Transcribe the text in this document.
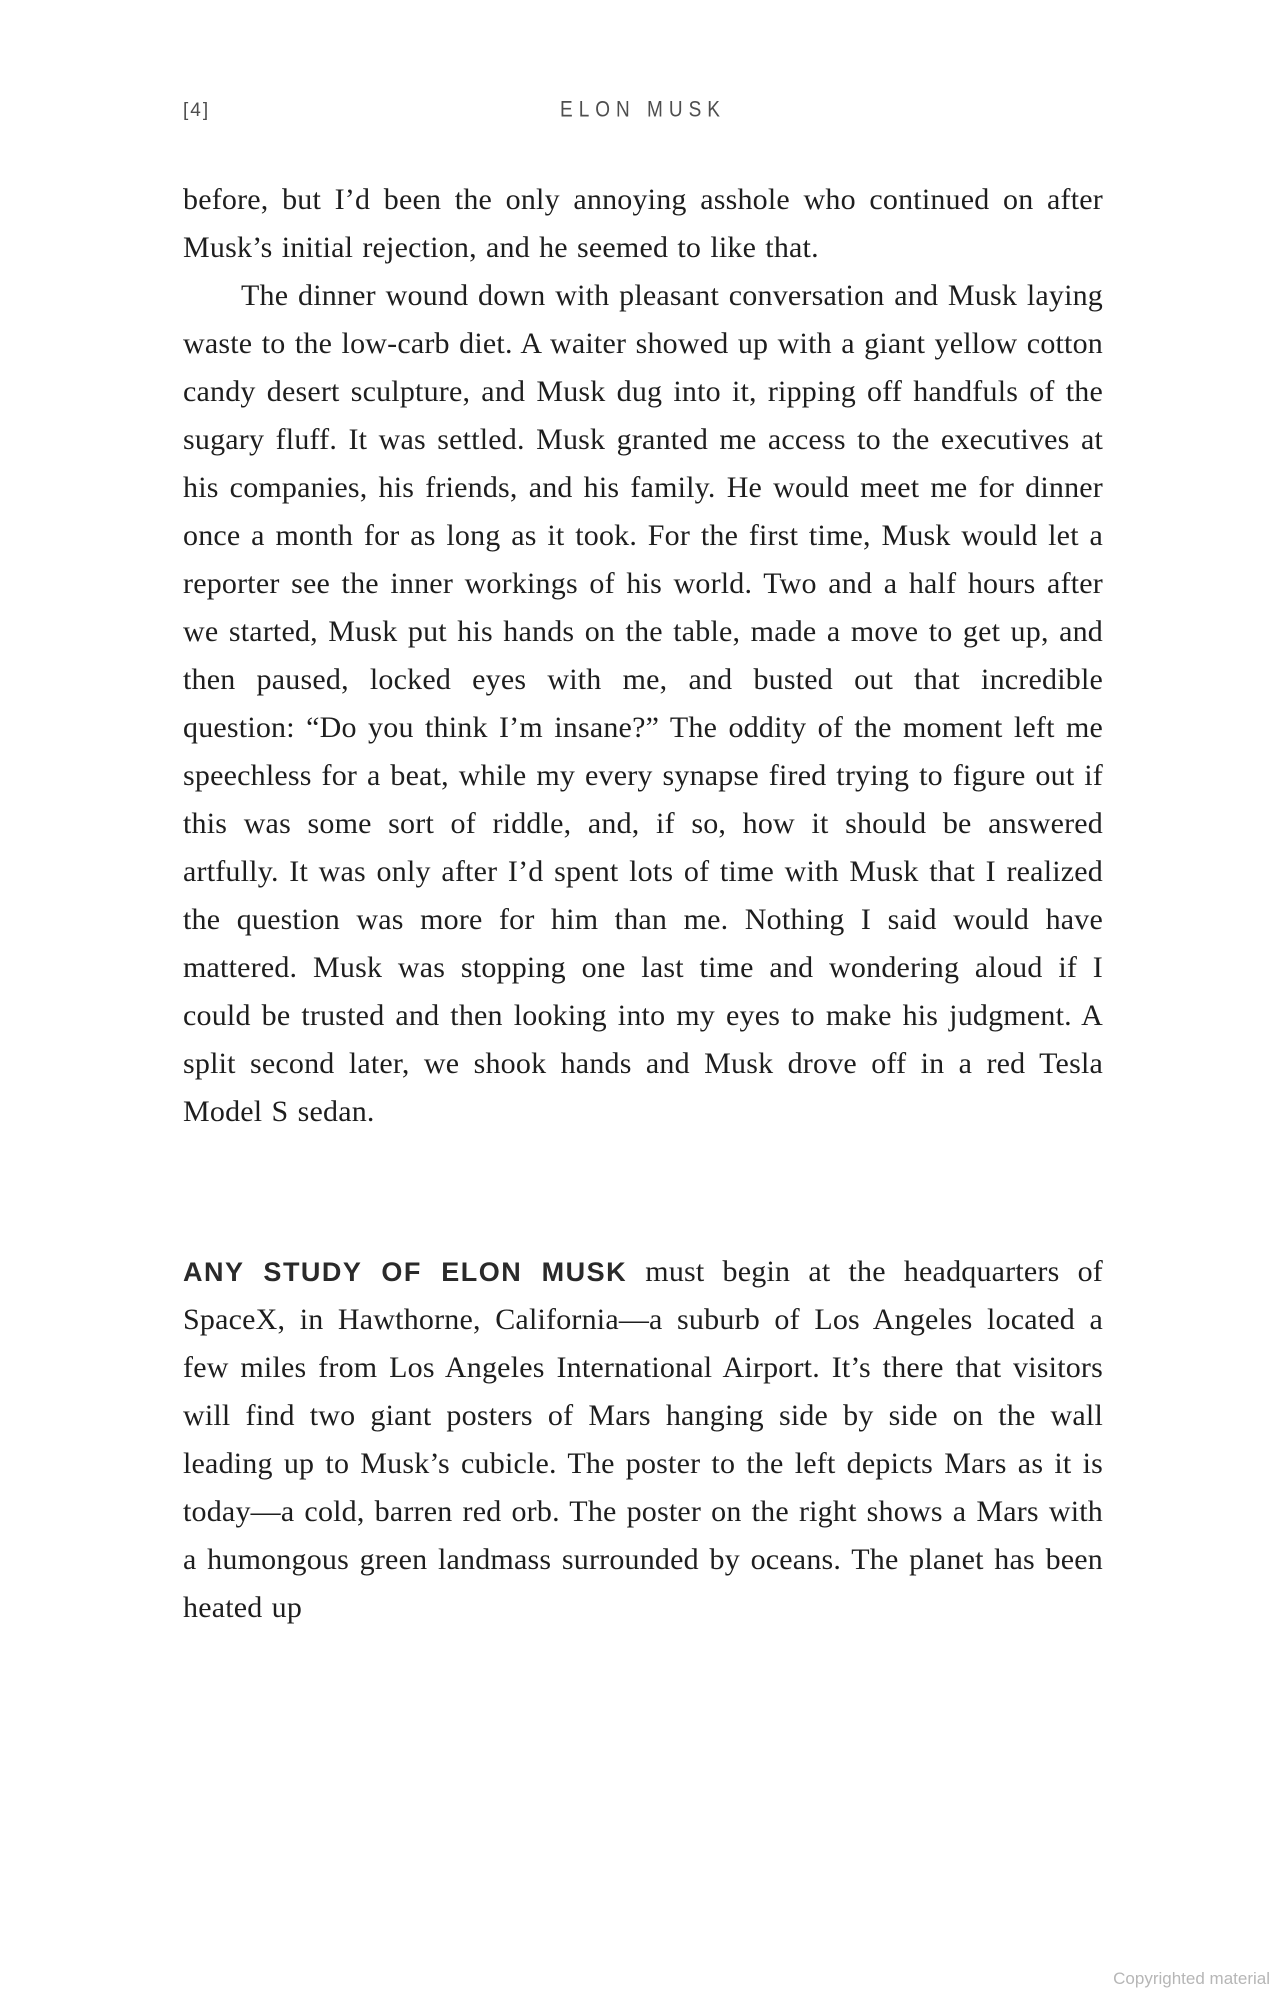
[4]	ELON MUSK

before, but I’d been the only annoying asshole who continued on after Musk’s initial rejection, and he seemed to like that.

The dinner wound down with pleasant conversation and Musk laying waste to the low-carb diet. A waiter showed up with a giant yellow cotton candy desert sculpture, and Musk dug into it, ripping off handfuls of the sugary fluff. It was settled. Musk granted me access to the executives at his companies, his friends, and his family. He would meet me for dinner once a month for as long as it took. For the first time, Musk would let a reporter see the inner workings of his world. Two and a half hours after we started, Musk put his hands on the table, made a move to get up, and then paused, locked eyes with me, and busted out that incredible question: “Do you think I’m insane?” The oddity of the moment left me speechless for a beat, while my every synapse fired trying to figure out if this was some sort of riddle, and, if so, how it should be answered artfully. It was only after I’d spent lots of time with Musk that I realized the question was more for him than me. Nothing I said would have mattered. Musk was stopping one last time and wondering aloud if I could be trusted and then looking into my eyes to make his judgment. A split second later, we shook hands and Musk drove off in a red Tesla Model S sedan.

ANY STUDY OF ELON MUSK must begin at the headquarters of SpaceX, in Hawthorne, California—a suburb of Los Angeles located a few miles from Los Angeles International Airport. It’s there that visitors will find two giant posters of Mars hanging side by side on the wall leading up to Musk’s cubicle. The poster to the left depicts Mars as it is today—a cold, barren red orb. The poster on the right shows a Mars with a humongous green landmass surrounded by oceans. The planet has been heated up

Copyrighted material
